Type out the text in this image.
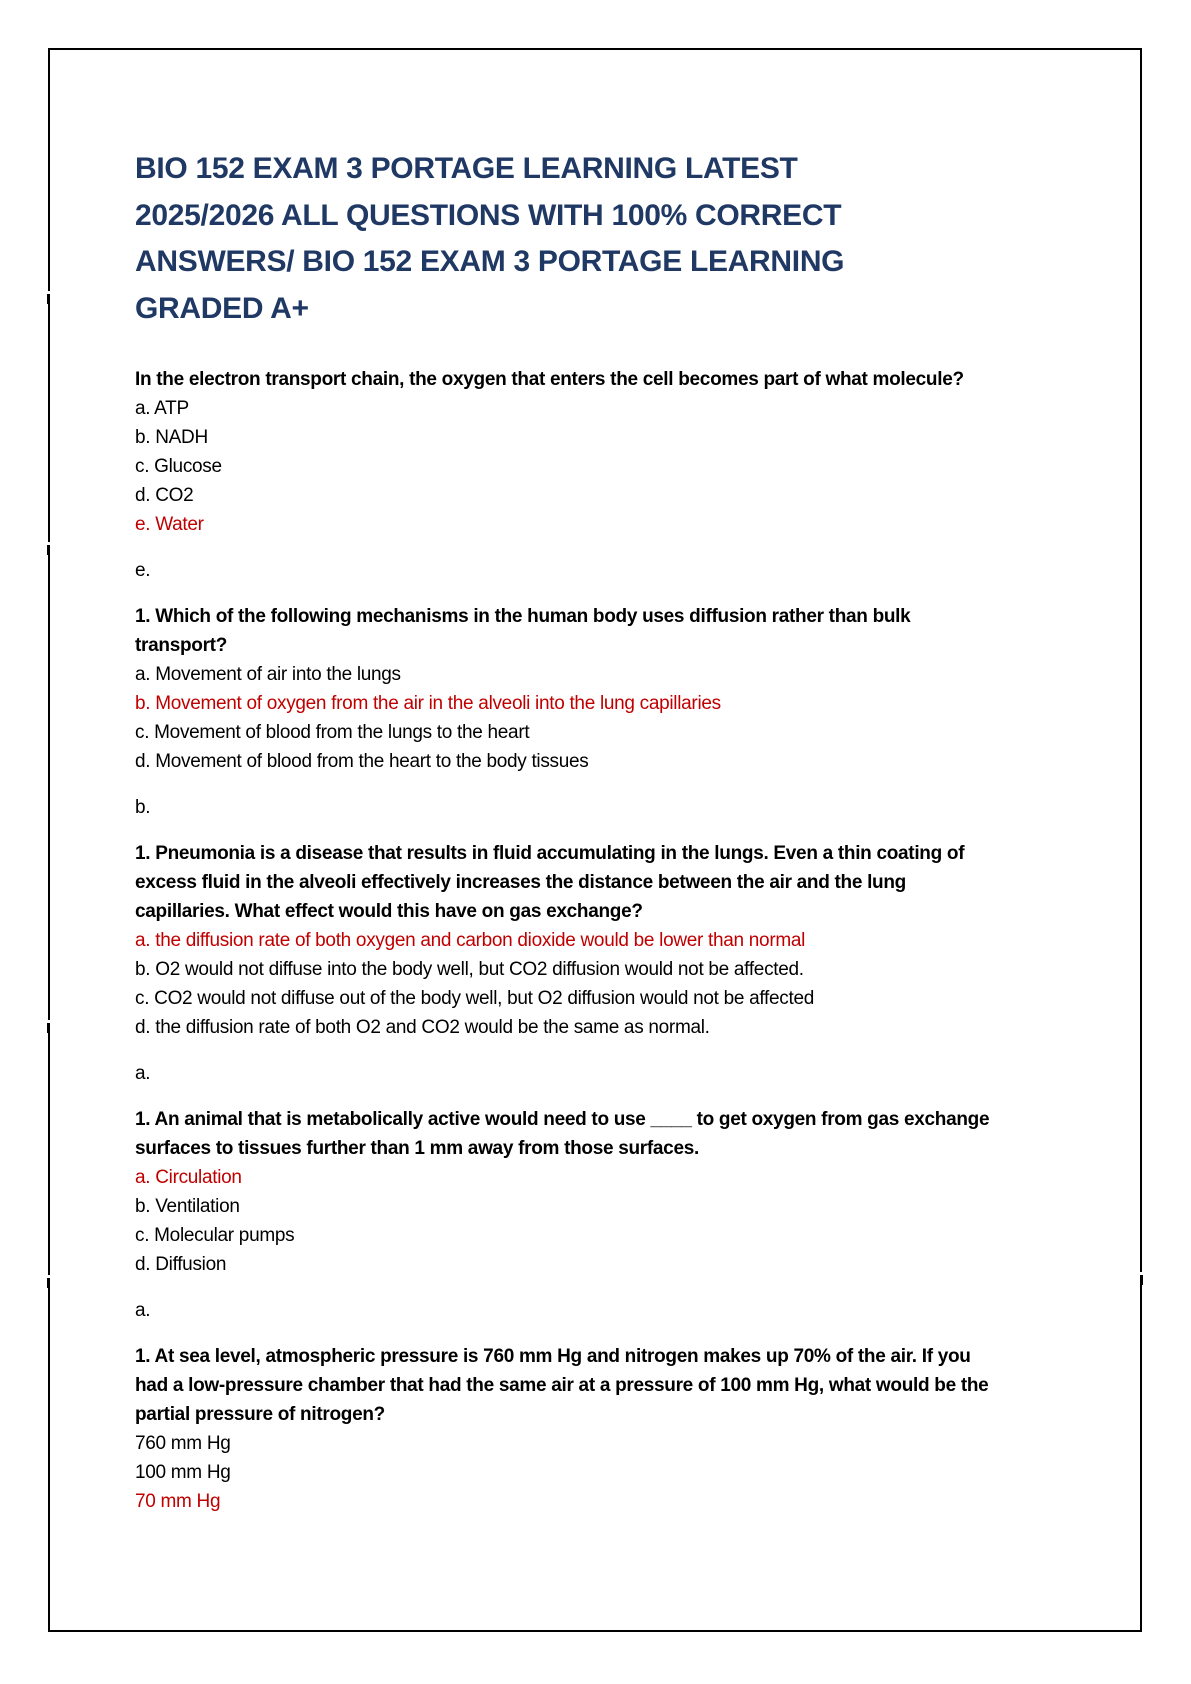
BIO 152 EXAM 3 PORTAGE LEARNING LATEST
2025/2026 ALL QUESTIONS WITH 100% CORRECT
ANSWERS/ BIO 152 EXAM 3 PORTAGE LEARNING
GRADED A+
In the electron transport chain, the oxygen that enters the cell becomes part of what molecule?
a. ATP
b. NADH
c. Glucose
d. CO2
e. Water
e.
1. Which of the following mechanisms in the human body uses diffusion rather than bulk
transport?
a. Movement of air into the lungs
b. Movement of oxygen from the air in the alveoli into the lung capillaries
c. Movement of blood from the lungs to the heart
d. Movement of blood from the heart to the body tissues
b.
1. Pneumonia is a disease that results in fluid accumulating in the lungs. Even a thin coating of
excess fluid in the alveoli effectively increases the distance between the air and the lung
capillaries. What effect would this have on gas exchange?
a. the diffusion rate of both oxygen and carbon dioxide would be lower than normal
b. O2 would not diffuse into the body well, but CO2 diffusion would not be affected.
c. CO2 would not diffuse out of the body well, but O2 diffusion would not be affected
d. the diffusion rate of both O2 and CO2 would be the same as normal.
a.
1. An animal that is metabolically active would need to use ____ to get oxygen from gas exchange
surfaces to tissues further than 1 mm away from those surfaces.
a. Circulation
b. Ventilation
c. Molecular pumps
d. Diffusion
a.
1. At sea level, atmospheric pressure is 760 mm Hg and nitrogen makes up 70% of the air. If you
had a low-pressure chamber that had the same air at a pressure of 100 mm Hg, what would be the
partial pressure of nitrogen?
760 mm Hg
100 mm Hg
70 mm Hg
